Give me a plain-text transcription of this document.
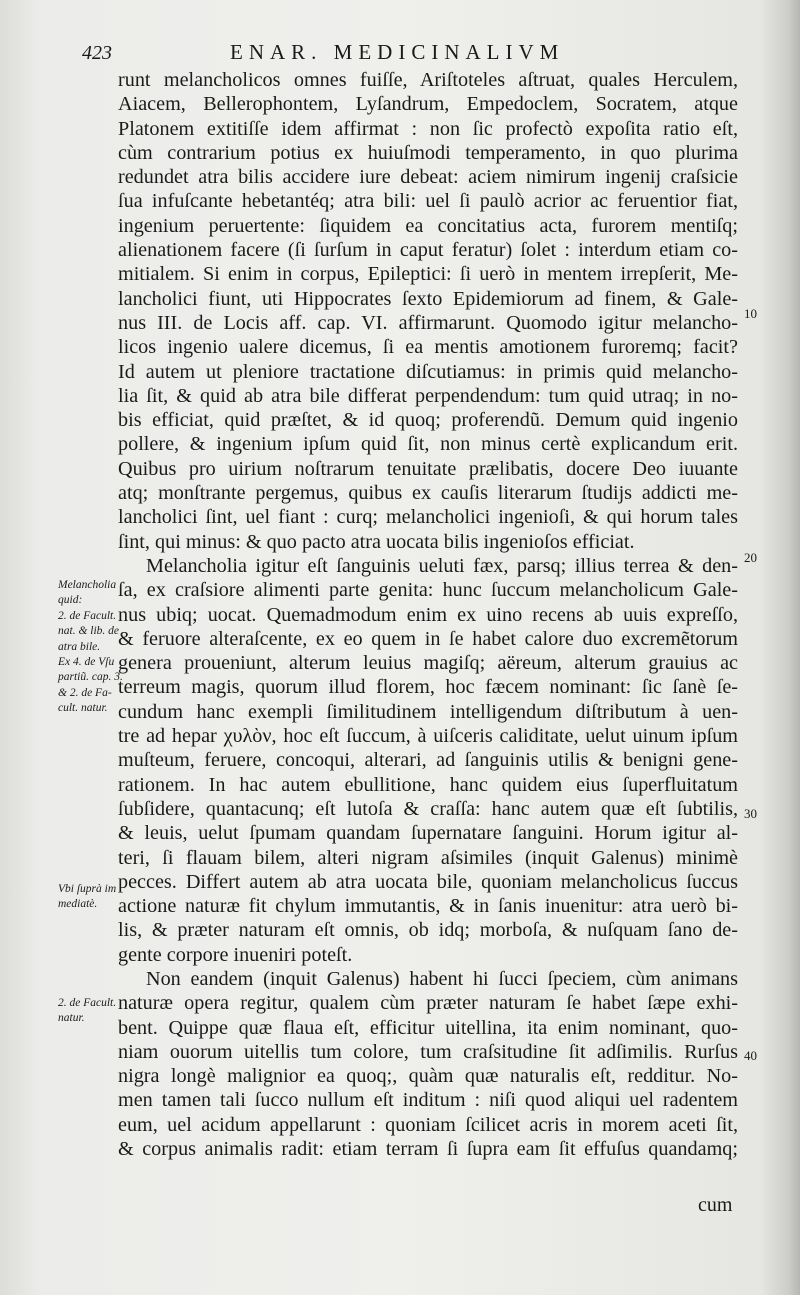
423	ENAR. MEDICINALIVM
runt melancholicos omnes fuiſſe, Ariſtoteles aſtruat, quales Herculem,
Aiacem, Bellerophontem, Lyſandrum, Empedoclem, Socratem, atque
Platonem extitiſſe idem affirmat : non ſic profectò expoſita ratio eſt,
cùm contrarium potius ex huiuſmodi temperamento, in quo plurima
redundet atra bilis accidere iure debeat: aciem nimirum ingenij craſsicie
ſua infuſcante hebetantéq; atra bili: uel ſi paulò acrior ac feruentior fiat,
ingenium peruertente: ſiquidem ea concitatius acta, furorem mentiſq;
alienationem facere (ſi ſurſum in caput feratur) ſolet : interdum etiam co-
mitialem. Si enim in corpus, Epileptici: ſi uerò in mentem irrepſerit, Me-
lancholici fiunt, uti Hippocrates ſexto Epidemiorum ad finem, & Gale-
nus III. de Locis aff. cap. VI. affirmarunt. Quomodo igitur melancho-
licos ingenio ualere dicemus, ſi ea mentis amotionem furoremq; facit?
Id autem ut pleniore tractatione diſcutiamus: in primis quid melancho-
lia ſit, & quid ab atra bile differat perpendendum: tum quid utraq; in no-
bis efficiat, quid præſtet, & id quoq; proferendũ. Demum quid ingenio
pollere, & ingenium ipſum quid ſit, non minus certè explicandum erit.
Quibus pro uirium noſtrarum tenuitate prælibatis, docere Deo iuuante
atq; monſtrante pergemus, quibus ex cauſis literarum ſtudijs addicti me-
lancholici ſint, uel fiant : curq; melancholici ingenioſi, & qui horum tales
ſint, qui minus: & quo pacto atra uocata bilis ingenioſos efficiat.
Melancholia igitur eſt ſanguinis ueluti fæx, parsq; illius terrea & den-
ſa, ex craſsiore alimenti parte genita: hunc ſuccum melancholicum Gale-
nus ubiq; uocat. Quemadmodum enim ex uino recens ab uuis expreſſo,
& feruore alteraſcente, ex eo quem in ſe habet calore duo excremẽtorum
genera proueniunt, alterum leuius magiſq; aëreum, alterum grauius ac
terreum magis, quorum illud florem, hoc fæcem nominant: ſic ſanè ſe-
cundum hanc exempli ſimilitudinem intelligendum diſtributum à uen-
tre ad hepar χυλὸν, hoc eſt ſuccum, à uiſceris caliditate, uelut uinum ipſum
muſteum, feruere, concoqui, alterari, ad ſanguinis utilis & benigni gene-
rationem. In hac autem ebullitione, hanc quidem eius ſuperfluitatum
ſubſidere, quantacunq; eſt lutoſa & craſſa: hanc autem quæ eſt ſubtilis,
& leuis, uelut ſpumam quandam ſupernatare ſanguini. Horum igitur al-
teri, ſi flauam bilem, alteri nigram aſsimiles (inquit Galenus) minimè
pecces. Differt autem ab atra uocata bile, quoniam melancholicus ſuccus
actione naturæ fit chylum immutantis, & in ſanis inuenitur: atra uerò bi-
lis, & præter naturam eſt omnis, ob idq; morboſa, & nuſquam ſano de-
gente corpore inueniri poteſt.
Non eandem (inquit Galenus) habent hi ſucci ſpeciem, cùm animans
naturæ opera regitur, qualem cùm præter naturam ſe habet ſæpe exhi-
bent. Quippe quæ flaua eſt, efficitur uitellina, ita enim nominant, quo-
niam ouorum uitellis tum colore, tum craſsitudine ſit adſimilis. Rurſus
nigra longè malignior ea quoq;, quàm quæ naturalis eſt, redditur. No-
men tamen tali ſucco nullum eſt inditum : niſi quod aliqui uel radentem
eum, uel acidum appellarunt : quoniam ſcilicet acris in morem aceti ſit,
& corpus animalis radit: etiam terram ſi ſupra eam ſit effuſus quandamq;
Melancholia
quid:
2. de Facult.
nat. & lib. de
atra bile.
Ex 4. de Vſu
partiũ. cap. 3.
& 2. de Fa-
cult. natur.
Vbi ſuprà im
mediatè.
2. de Facult.
natur.
10
20
30
40
cum
